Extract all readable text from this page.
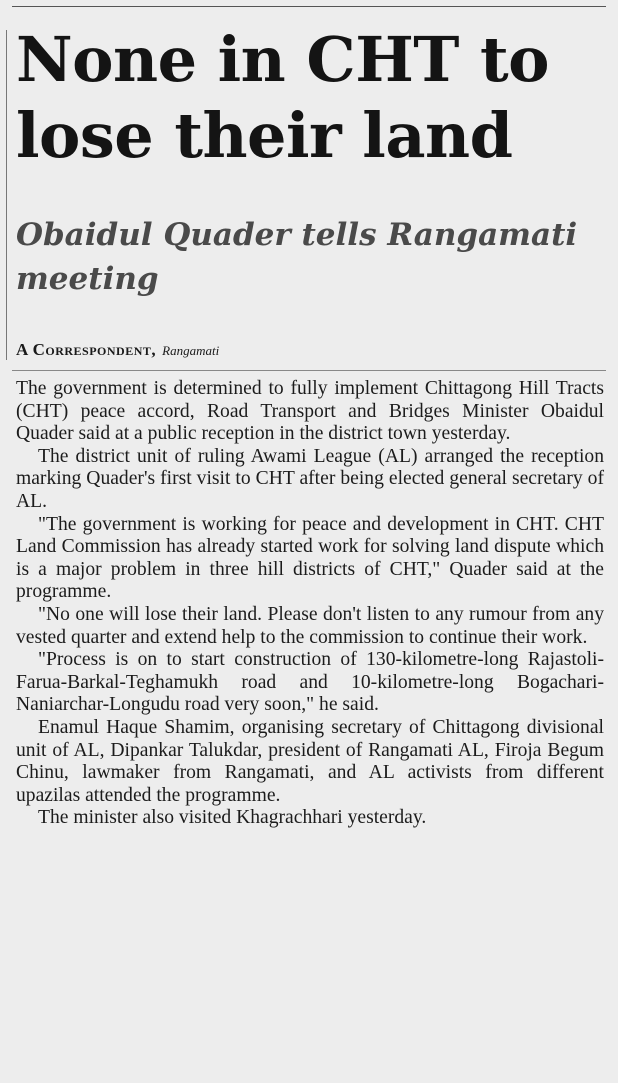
None in CHT to lose their land
Obaidul Quader tells Rangamati meeting
A Correspondent, Rangamati

The government is determined to fully implement Chittagong Hill Tracts (CHT) peace accord, Road Transport and Bridges Minister Obaidul Quader said at a public reception in the district town yesterday.

The district unit of ruling Awami League (AL) arranged the reception marking Quader's first visit to CHT after being elected general secretary of AL.

"The government is working for peace and development in CHT. CHT Land Commission has already started work for solving land dispute which is a major problem in three hill districts of CHT," Quader said at the programme.

"No one will lose their land. Please don't listen to any rumour from any vested quarter and extend help to the commission to continue their work.

"Process is on to start construction of 130-kilometre-long Rajastoli-Farua-Barkal-Teghamukh road and 10-kilometre-long Bogachari-Naniarchar-Longudu road very soon," he said.

Enamul Haque Shamim, organising secretary of Chittagong divisional unit of AL, Dipankar Talukdar, president of Rangamati AL, Firoja Begum Chinu, lawmaker from Rangamati, and AL activists from different upazilas attended the programme.

The minister also visited Khagrachhari yesterday.
